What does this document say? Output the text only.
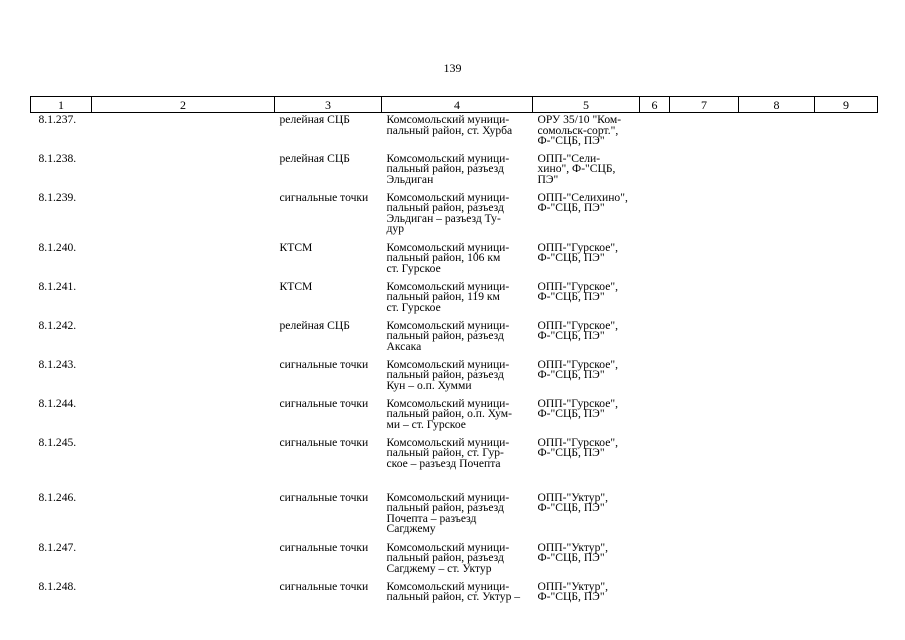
139
1	2	3	4	5	6	7	8	9
8.1.237.		релейная СЦБ	Комсомольский муници-
пальный район, ст. Хурба	ОРУ 35/10 "Ком-
сомольск-сорт.",
Ф-"СЦБ, ПЭ"				
8.1.238.		релейная СЦБ	Комсомольский муници-
пальный район, разъезд
Эльдиган	ОПП-"Сели-
хино", Ф-"СЦБ,
ПЭ"				
8.1.239.		сигнальные точки	Комсомольский муници-
пальный район, разъезд
Эльдиган – разъезд Ту-
дур	ОПП-"Селихино",
Ф-"СЦБ, ПЭ"				
8.1.240.		КТСМ	Комсомольский муници-
пальный район, 106 км
ст. Гурское	ОПП-"Гурское",
Ф-"СЦБ, ПЭ"				
8.1.241.		КТСМ	Комсомольский муници-
пальный район, 119 км
ст. Гурское	ОПП-"Гурское",
Ф-"СЦБ, ПЭ"				
8.1.242.		релейная СЦБ	Комсомольский муници-
пальный район, разъезд
Аксака	ОПП-"Гурское",
Ф-"СЦБ, ПЭ"				
8.1.243.		сигнальные точки	Комсомольский муници-
пальный район, разъезд
Кун – о.п. Хумми	ОПП-"Гурское",
Ф-"СЦБ, ПЭ"				
8.1.244.		сигнальные точки	Комсомольский муници-
пальный район, о.п. Хум-
ми – ст. Гурское	ОПП-"Гурское",
Ф-"СЦБ, ПЭ"				
8.1.245.		сигнальные точки	Комсомольский муници-
пальный район, ст. Гур-
ское – разъезд Почепта	ОПП-"Гурское",
Ф-"СЦБ, ПЭ"				
8.1.246.		сигнальные точки	Комсомольский муници-
пальный район, разъезд
Почепта – разъезд
Сагджему	ОПП-"Уктур",
Ф-"СЦБ, ПЭ"				
8.1.247.		сигнальные точки	Комсомольский муници-
пальный район, разъезд
Сагджему – ст. Уктур	ОПП-"Уктур",
Ф-"СЦБ, ПЭ"				
8.1.248.		сигнальные точки	Комсомольский муници-
пальный район, ст. Уктур –	ОПП-"Уктур",
Ф-"СЦБ, ПЭ"				
